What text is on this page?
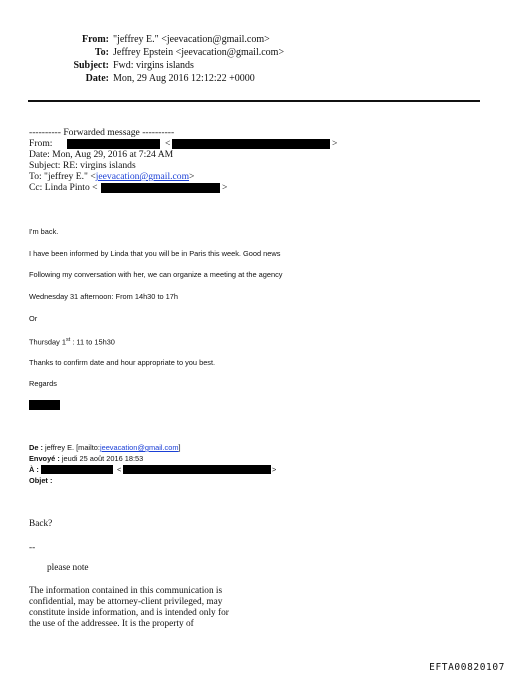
From: "jeffrey E." <jeevacation@gmail.com>
To: Jeffrey Epstein <jeevacation@gmail.com>
Subject: Fwd: virgins islands
Date: Mon, 29 Aug 2016 12:12:22 +0000
---------- Forwarded message ----------
From:	<	>
Date: Mon, Aug 29, 2016 at 7:24 AM
Subject: RE: virgins islands
To: "jeffrey E." <jeevacation@gmail.com>
Cc: Linda Pinto <	>
I'm back.
I have been informed by Linda that you will be in Paris this week. Good news
Following my conversation with her, we can organize a meeting at the agency
Wednesday 31 afternoon: From 14h30 to 17h
Or
Thursday 1st : 11 to 15h30
Thanks to confirm date and hour appropriate to you best.
Regards
De : jeffrey E. [mailto:jeevacation@gmail.com]
Envoyé : jeudi 25 août 2016 18:53
À :	<	>
Objet :
Back?
--
please note
The information contained in this communication is
confidential, may be attorney-client privileged, may
constitute inside information, and is intended only for
the use of the addressee. It is the property of
EFTA00820107
